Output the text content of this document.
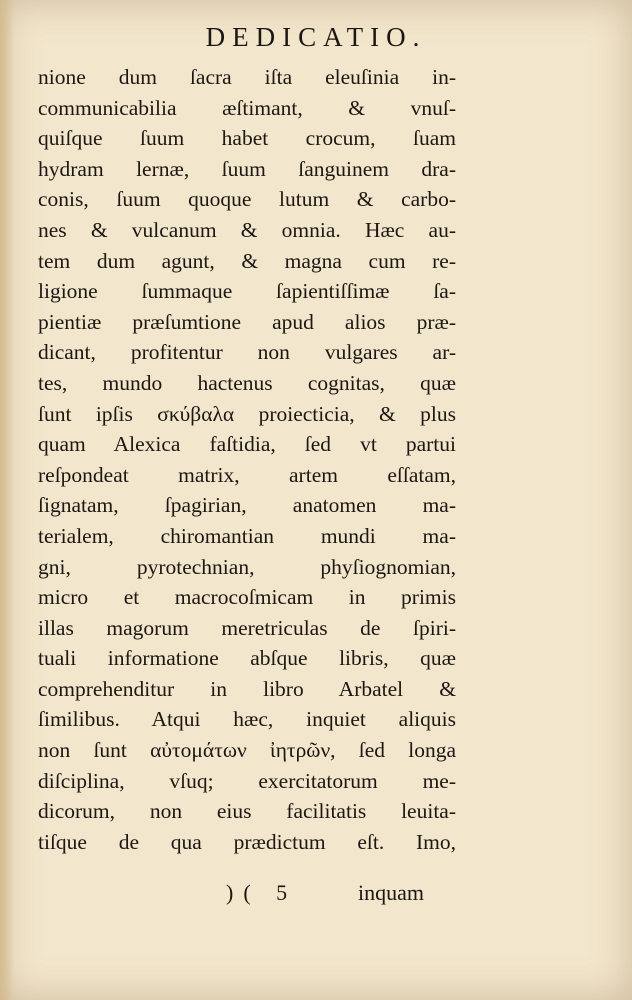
DEDICATIO.
nione dum ſacra iſta eleuſinia in-
communicabilia æſtimant, & vnuſ-
quiſque ſuum habet crocum, ſuam
hydram lernæ, ſuum ſanguinem dra-
conis, ſuum quoque lutum & carbo-
nes & vulcanum & omnia. Hæc au-
tem dum agunt, & magna cum re-
ligione ſummaque ſapientiſſimæ ſa-
pientiæ præſumtione apud alios præ-
dicant, profitentur non vulgares ar-
tes, mundo hactenus cognitas, quæ
ſunt ipſis σκύβαλα proiecticia, & plus
quam Alexica faſtidia, ſed vt partui
reſpondeat matrix, artem eſſatam,
ſignatam, ſpagirian, anatomen ma-
terialem, chiromantian mundi ma-
gni, pyrotechnian, phyſiognomian,
micro et macrocoſmicam in primis
illas magorum meretriculas de ſpiri-
tuali informatione abſque libris, quæ
comprehenditur in libro Arbatel &
ſimilibus. Atqui hæc, inquiet aliquis
non ſunt αὐτομάτων ἰητρῶν, ſed longa
diſciplina, vſuq; exercitatorum me-
dicorum, non eius facilitatis leuita-
tiſque de qua prædictum eſt. Imo,
)( 5	inquam
